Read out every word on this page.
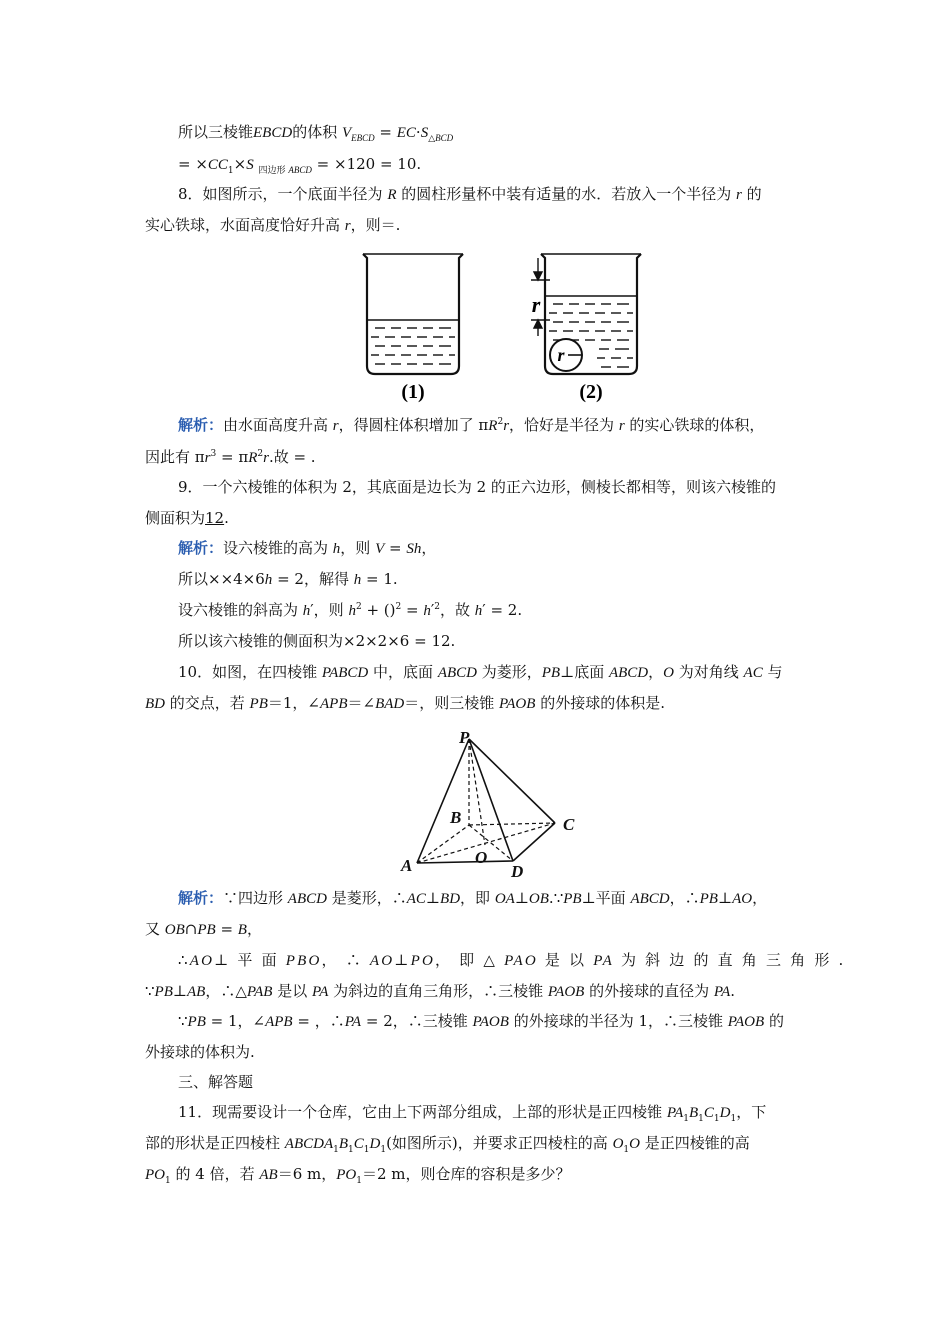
所以三棱锥EBCD的体积 $V_{EBCD} = EC\cdot S_{\triangle BCD}$
= $\times CC_1\times S$ $_{四边形 ABCD}$ = ×120 = 10.
8．如图所示，一个底面半径为 R 的圆柱形量杯中装有适量的水．若放入一个半径为 r 的
实心铁球，水面高度恰好升高 r，则＝.
(1)
r
r
(2)
解析：由水面高度升高 r，得圆柱体积增加了 $\pi R^2r$，恰好是半径为 r 的实心铁球的体积，
因此有 $\pi r^3 = \pi R^2r$.故 = .
9．一个六棱锥的体积为 2，其底面是边长为 2 的正六边形，侧棱长都相等，则该六棱锥的
侧面积为12.
解析：设六棱锥的高为 h，则 V = Sh，
所以××4×6h = 2，解得 h = 1.
设六棱锥的斜高为 h′，则 $h^2 + ()^2 = h'^2$，故 h′ = 2.
所以该六棱锥的侧面积为×2×2×6 = 12.
10．如图，在四棱锥 PABCD 中，底面 ABCD 为菱形，PB⊥底面 ABCD，O 为对角线 AC 与
BD 的交点，若 PB＝1，∠APB＝∠BAD＝，则三棱锥 PAOB 的外接球的体积是.
P
A
B	C
D
O
解析：∵四边形 ABCD 是菱形，∴AC⊥BD，即 OA⊥OB.∵PB⊥平面 ABCD，∴PB⊥AO，
又 OB∩PB = B，
∴AO⊥ 平 面 PBO， ∴ AO⊥PO， 即 △ PAO 是 以 PA 为 斜 边 的 直 角 三 角 形 .
∵PB⊥AB，∴△PAB 是以 PA 为斜边的直角三角形，∴三棱锥 PAOB 的外接球的直径为 PA.
∵PB = 1，∠APB = ，∴PA = 2，∴三棱锥 PAOB 的外接球的半径为 1，∴三棱锥 PAOB 的
外接球的体积为.
三、解答题
11．现需要设计一个仓库，它由上下两部分组成，上部的形状是正四棱锥 $PA_1B_1C_1D_1$，下
部的形状是正四棱柱 $ABCDA_1B_1C_1D_1$(如图所示)，并要求正四棱柱的高 $O_1O$ 是正四棱锥的高
$PO_1$ 的 4 倍，若 AB＝6 m，$PO_1=2$ m，则仓库的容积是多少？
